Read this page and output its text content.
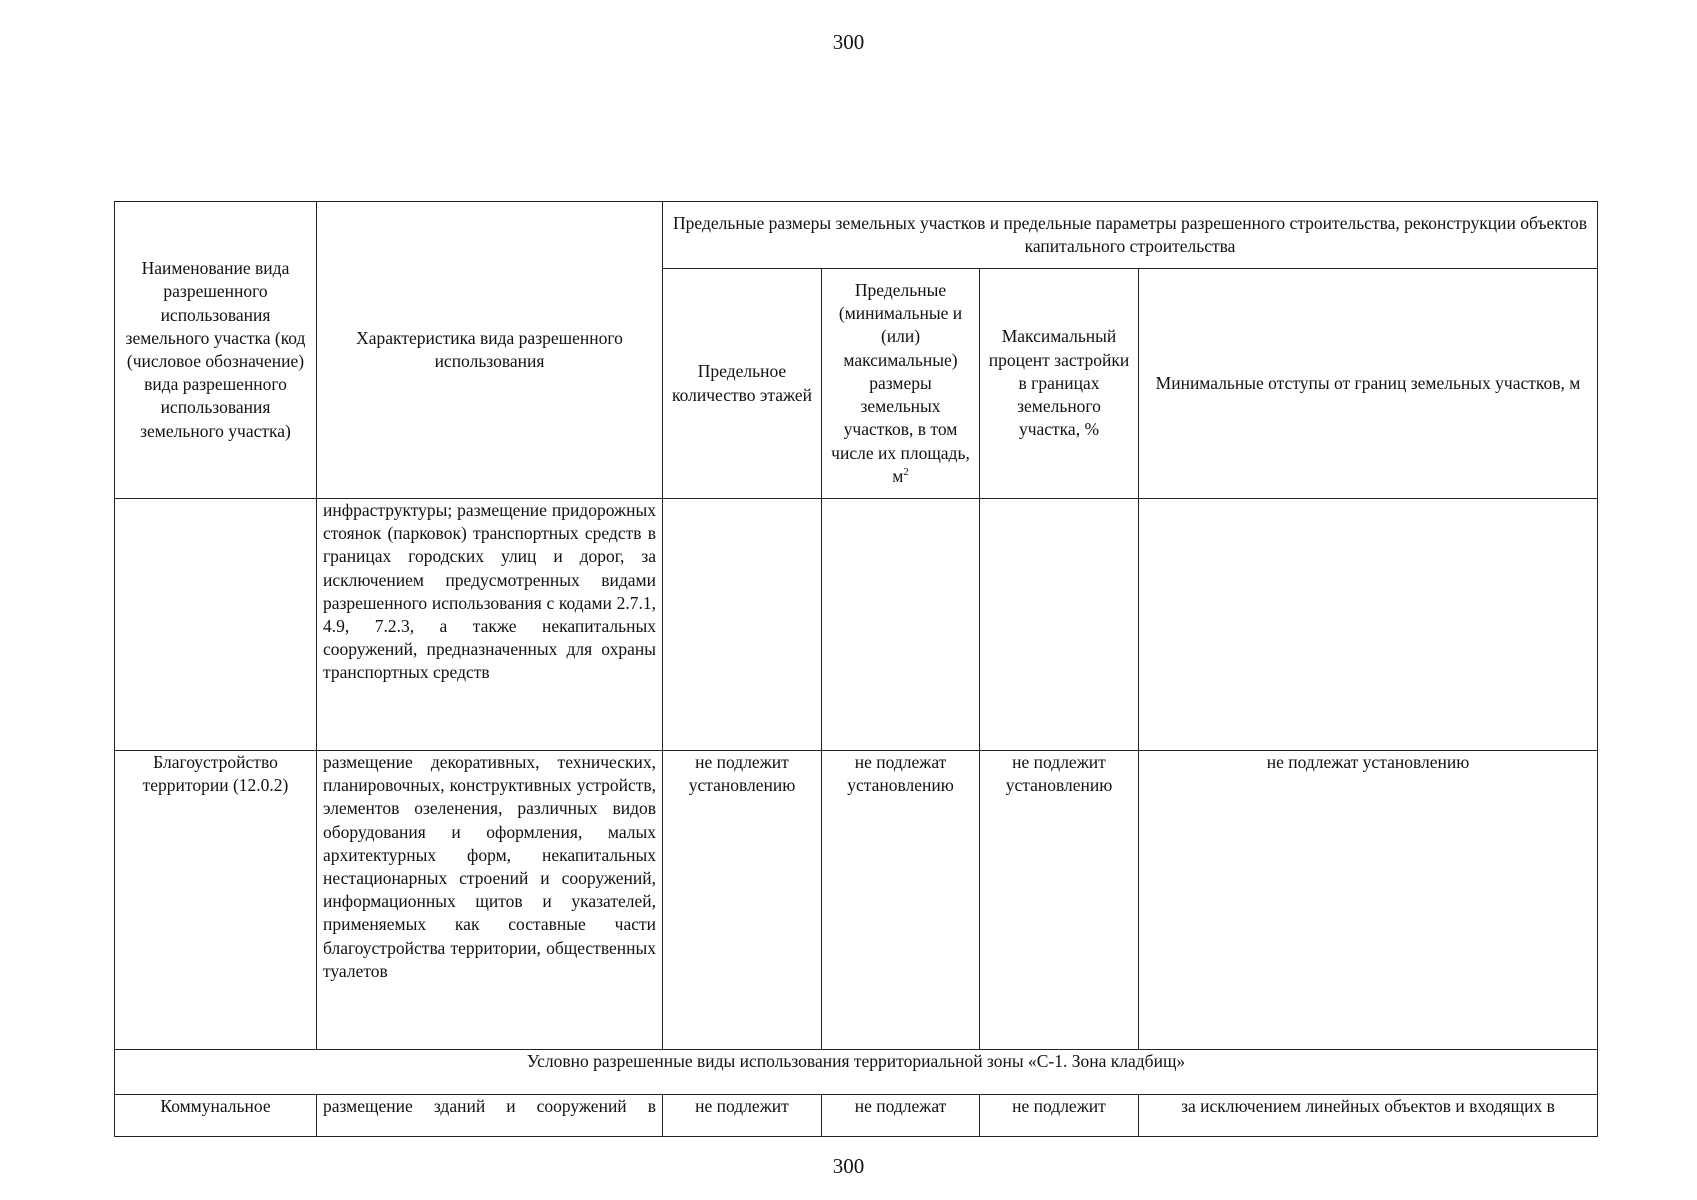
300
Наименование вида разрешенного использования земельного участка (код (числовое обозначение) вида разрешенного использования земельного участка)	Характеристика вида разрешенного использования	Предельные размеры земельных участков и предельные параметры разрешенного строительства, реконструкции объектов капитального строительства			
		Предельное количество этажей	Предельные (минимальные и (или) максимальные) размеры земельных участков, в том числе их площадь, $м^2$	Максимальный процент застройки в границах земельного участка, %	Минимальные отступы от границ земельных участков, м
	инфраструктуры; размещение придорожных стоянок (парковок) транспортных средств в границах городских улиц и дорог, за исключением предусмотренных видами разрешенного использования с кодами 2.7.1, 4.9, 7.2.3, а также некапитальных сооружений, предназначенных для охраны транспортных средств				
Благоустройство территории (12.0.2)	размещение декоративных, технических, планировочных, конструктивных устройств, элементов озеленения, различных видов оборудования и оформления, малых архитектурных форм, некапитальных нестационарных строений и сооружений, информационных щитов и указателей, применяемых как составные части благоустройства территории, общественных туалетов	не подлежит установлению	не подлежат установлению	не подлежит установлению	не подлежат установлению
Условно разрешенные виды использования территориальной зоны «С-1. Зона кладбищ»					
Коммунальное	размещение зданий и сооружений в	не подлежит	не подлежат	не подлежит	за исключением линейных объектов и входящих в
300
